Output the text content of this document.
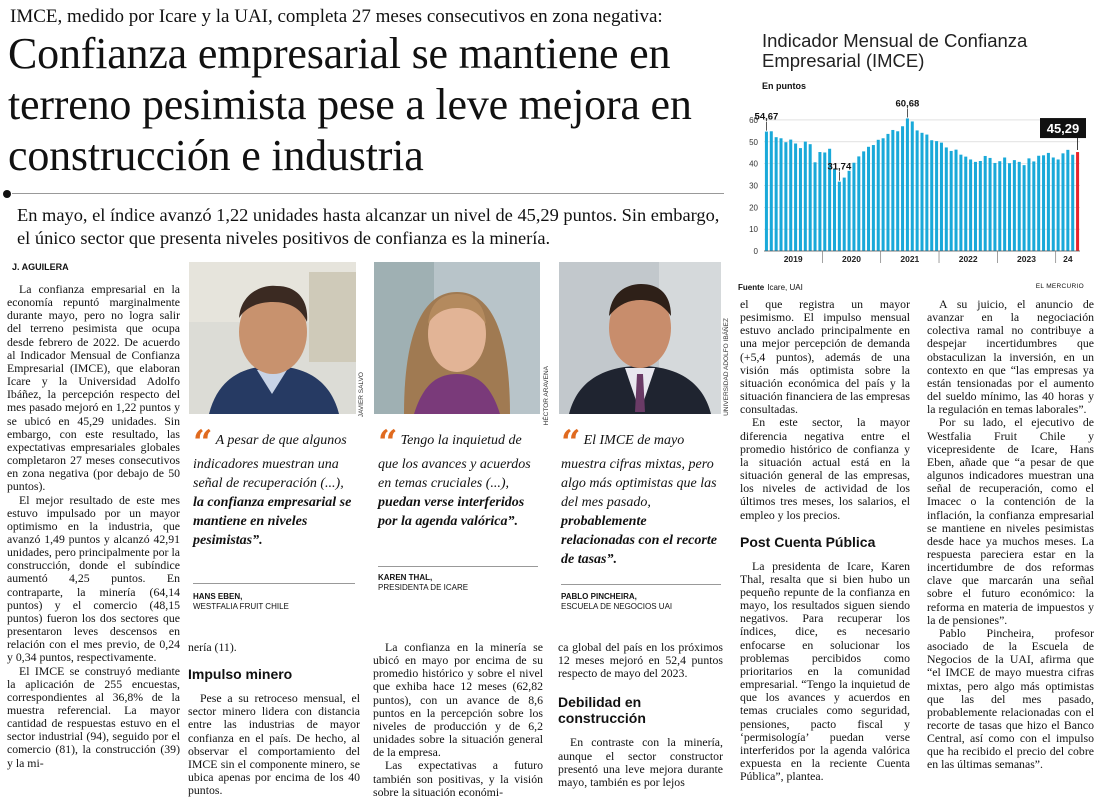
IMCE, medido por Icare y la UAI, completa 27 meses consecutivos en zona negativa:
Confianza empresarial se mantiene en terreno pesimista pese a leve mejora en construcción e industria
En mayo, el índice avanzó 1,22 unidades hasta alcanzar un nivel de 45,29 puntos. Sin embargo, el único sector que presenta niveles positivos de confianza es la minería.
J. AGUILERA

La confianza empresarial en la economía repuntó marginalmente durante mayo, pero no logra salir del terreno pesimista que ocupa desde febrero de 2022. De acuerdo al Indicador Mensual de Confianza Empresarial (IMCE), que elaboran Icare y la Universidad Adolfo Ibáñez, la percepción respecto del mes pasado mejoró en 1,22 puntos y se ubicó en 45,29 unidades. Sin embargo, con este resultado, las expectativas empresariales globales completaron 27 meses consecutivos en zona negativa (por debajo de 50 puntos).

El mejor resultado de este mes estuvo impulsado por un mayor optimismo en la industria, que avanzó 1,49 puntos y alcanzó 42,91 unidades, pero principalmente por la construcción, donde el subíndice aumentó 4,25 puntos. En contraparte, la minería (64,14 puntos) y el comercio (48,15 puntos) fueron los dos sectores que presentaron leves descensos en relación con el mes previo, de 0,24 y 0,34 puntos, respectivamente.

El IMCE se construyó mediante la aplicación de 255 encuestas, correspondientes al 36,8% de la muestra referencial. La mayor cantidad de respuestas estuvo en el sector industrial (94), seguido por el comercio (81), la construcción (39) y la mi-

JAVIER SALVO	HÉCTOR ARAVENA	UNIVERSIDAD ADOLFO IBÁÑEZ
“ A pesar de que algunos indicadores muestran una señal de recuperación (...), la confianza empresarial se mantiene en niveles pesimistas”.
HANS EBEN,
WESTFALIA FRUIT CHILE
“ Tengo la inquietud de que los avances y acuerdos en temas cruciales (...), puedan verse interferidos por la agenda valórica”.
KAREN THAL,
PRESIDENTA DE ICARE
“ El IMCE de mayo muestra cifras mixtas, pero algo más optimistas que las del mes pasado, probablemente relacionadas con el recorte de tasas”.
PABLO PINCHEIRA,
ESCUELA DE NEGOCIOS UAI

nería (11).

Impulso minero

Pese a su retroceso mensual, el sector minero lidera con distancia entre las industrias de mayor confianza en el país. De hecho, al observar el comportamiento del IMCE sin el componente minero, se ubica apenas por encima de los 40 puntos.

La confianza en la minería se ubicó en mayo por encima de su promedio histórico y sobre el nivel que exhiba hace 12 meses (62,82 puntos), con un avance de 8,6 puntos en la percepción sobre los niveles de producción y de 6,2 unidades sobre la situación general de la empresa.

Las expectativas a futuro también son positivas, y la visión sobre la situación económi-

ca global del país en los próximos 12 meses mejoró en 52,4 puntos respecto de mayo del 2023.

Debilidad en construcción

En contraste con la minería, aunque el sector constructor presentó una leve mejora durante mayo, también es por lejos

el que registra un mayor pesimismo. El impulso mensual estuvo anclado principalmente en una mejor percepción de demanda (+5,4 puntos), además de una visión más optimista sobre la situación económica del país y la situación financiera de las empresas consultadas.

En este sector, la mayor diferencia negativa entre el promedio histórico de confianza y la situación actual está en la situación general de las empresas, los niveles de actividad de los últimos tres meses, los salarios, el empleo y los precios.

Post Cuenta Pública

La presidenta de Icare, Karen Thal, resalta que si bien hubo un pequeño repunte de la confianza en mayo, los resultados siguen siendo negativos. Para recuperar los índices, dice, es necesario enfocarse en solucionar los problemas percibidos como prioritarios en la comunidad empresarial. “Tengo la inquietud de que los avances y acuerdos en temas cruciales como seguridad, pensiones, pacto fiscal y ‘permisología’ puedan verse interferidos por la agenda valórica expuesta en la reciente Cuenta Pública”, plantea.

A su juicio, el anuncio de avanzar en la negociación colectiva ramal no contribuye a despejar incertidumbres que obstaculizan la inversión, en un contexto en que “las empresas ya están tensionadas por el aumento del sueldo mínimo, las 40 horas y la regulación en temas laborales”.

Por su lado, el ejecutivo de Westfalia Fruit Chile y vicepresidente de Icare, Hans Eben, añade que “a pesar de que algunos indicadores muestran una señal de recuperación, como el Imacec o la contención de la inflación, la confianza empresarial se mantiene en niveles pesimistas desde hace ya muchos meses. La respuesta pareciera estar en la incertidumbre de dos reformas clave que marcarán una señal sobre el futuro económico: la reforma en materia de impuestos y la de pensiones”.

Pablo Pincheira, profesor asociado de la Escuela de Negocios de la UAI, afirma que “el IMCE de mayo muestra cifras mixtas, pero algo más optimistas que las del mes pasado, probablemente relacionadas con el recorte de tasas que hizo el Banco Central, así como con el impulso que ha recibido el precio del cobre en las últimas semanas”.

Indicador Mensual de Confianza Empresarial (IMCE)
En puntos
0
10
20
30
40
50
60
2019	2020	2021	2022	2023	24
54,67
31,74
60,68
45,29
Fuente Icare, UAI	EL MERCURIO
